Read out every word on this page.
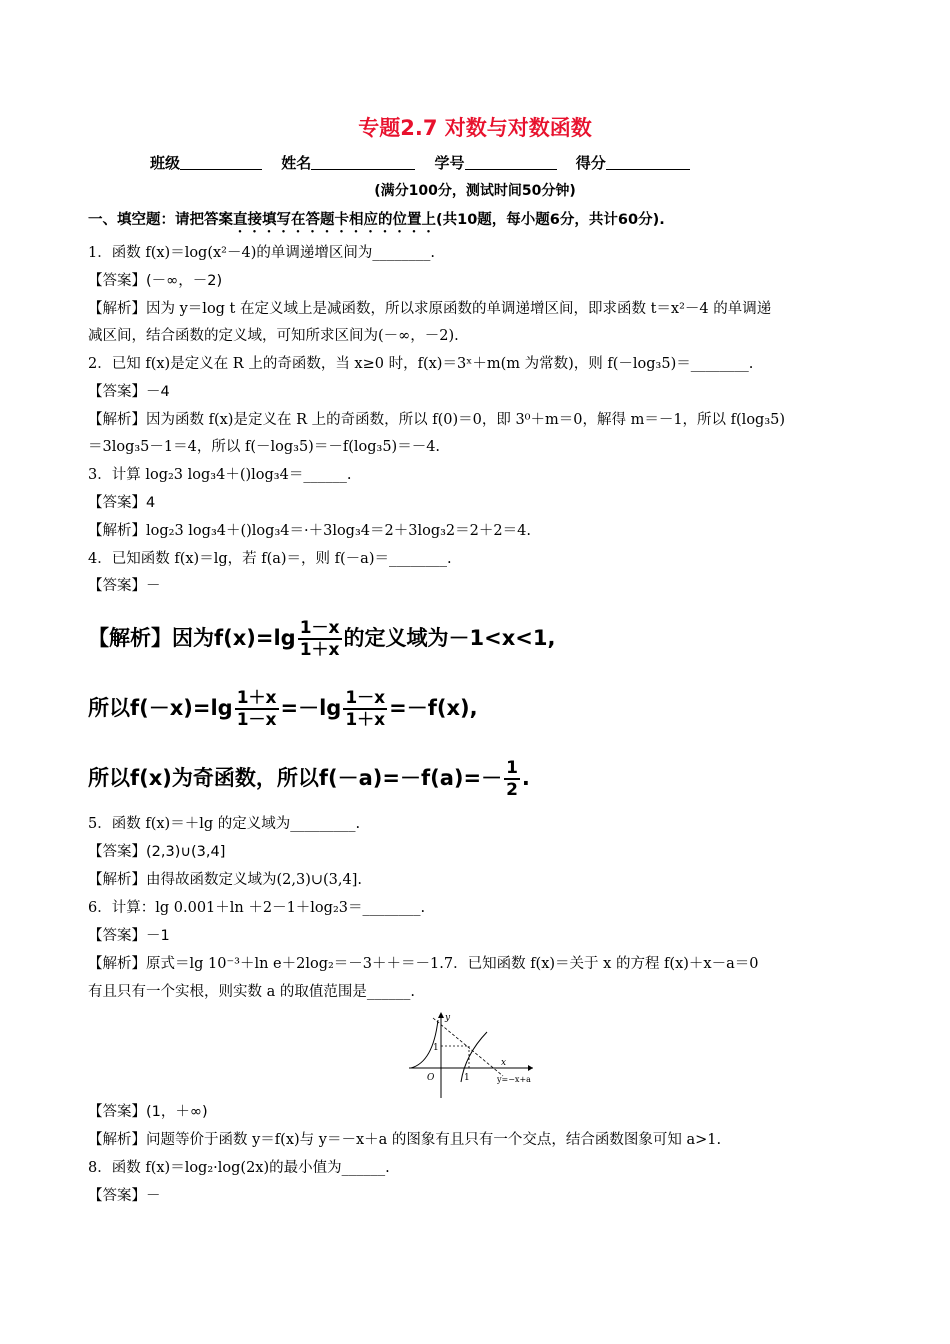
专题2.7 对数与对数函数
班级	姓名	学号	得分
(满分100分，测试时间50分钟)
一、填空题：请把答案直接填写在答题卡相应的位置上(共10题，每小题6分，共计60分).
1．函数 f(x)＝log(x²－4)的单调递增区间为________.
【答案】(－∞，－2)
【解析】因为 y＝log t 在定义域上是减函数，所以求原函数的单调递增区间，即求函数 t＝x²－4 的单调递
减区间，结合函数的定义域，可知所求区间为(－∞，－2).
2．已知 f(x)是定义在 R 上的奇函数，当 x≥0 时，f(x)＝3ˣ＋m(m 为常数)，则 f(－log₃5)＝________.
【答案】－4
【解析】因为函数 f(x)是定义在 R 上的奇函数，所以 f(0)＝0，即 3⁰＋m＝0，解得 m＝－1，所以 f(log₃5)
＝3log₃5－1＝4，所以 f(－log₃5)＝－f(log₃5)＝－4.
3．计算 log₂3 log₃4＋()log₃4＝______.
【答案】4
【解析】log₂3 log₃4＋()log₃4＝·＋3log₃4＝2＋3log₃2＝2＋2＝4.
4．已知函数 f(x)＝lg，若 f(a)＝，则 f(－a)＝________.
【答案】－
【解析】因为$f(x)=\lg \frac{1-x}{1+x}$ 的定义域为－1<x<1,
所以$f(-x)=\lg \frac{1+x}{1-x} =-\lg \frac{1-x}{1+x} =-f(x)$,
所以f(x)为奇函数，所以$f(-a)=-f(a)=- \frac{1}{2}$ .
5．函数 f(x)＝＋lg 的定义域为_________.
【答案】(2,3)∪(3,4]
【解析】由得故函数定义域为(2,3)∪(3,4].
6．计算：lg 0.001＋ln ＋2－1＋log₂3＝________.
【答案】－1
【解析】原式＝lg 10⁻³＋ln e＋2log₂＝－3＋＋＝－1.7．已知函数 f(x)＝关于 x 的方程 f(x)＋x－a＝0
有且只有一个实根，则实数 a 的取值范围是______.
y
x
O
1
1	y=−x+a
【答案】(1，＋∞)
【解析】问题等价于函数 y＝f(x)与 y＝－x＋a 的图象有且只有一个交点，结合函数图象可知 a>1.
8．函数 f(x)＝log₂·log(2x)的最小值为______.
【答案】－
